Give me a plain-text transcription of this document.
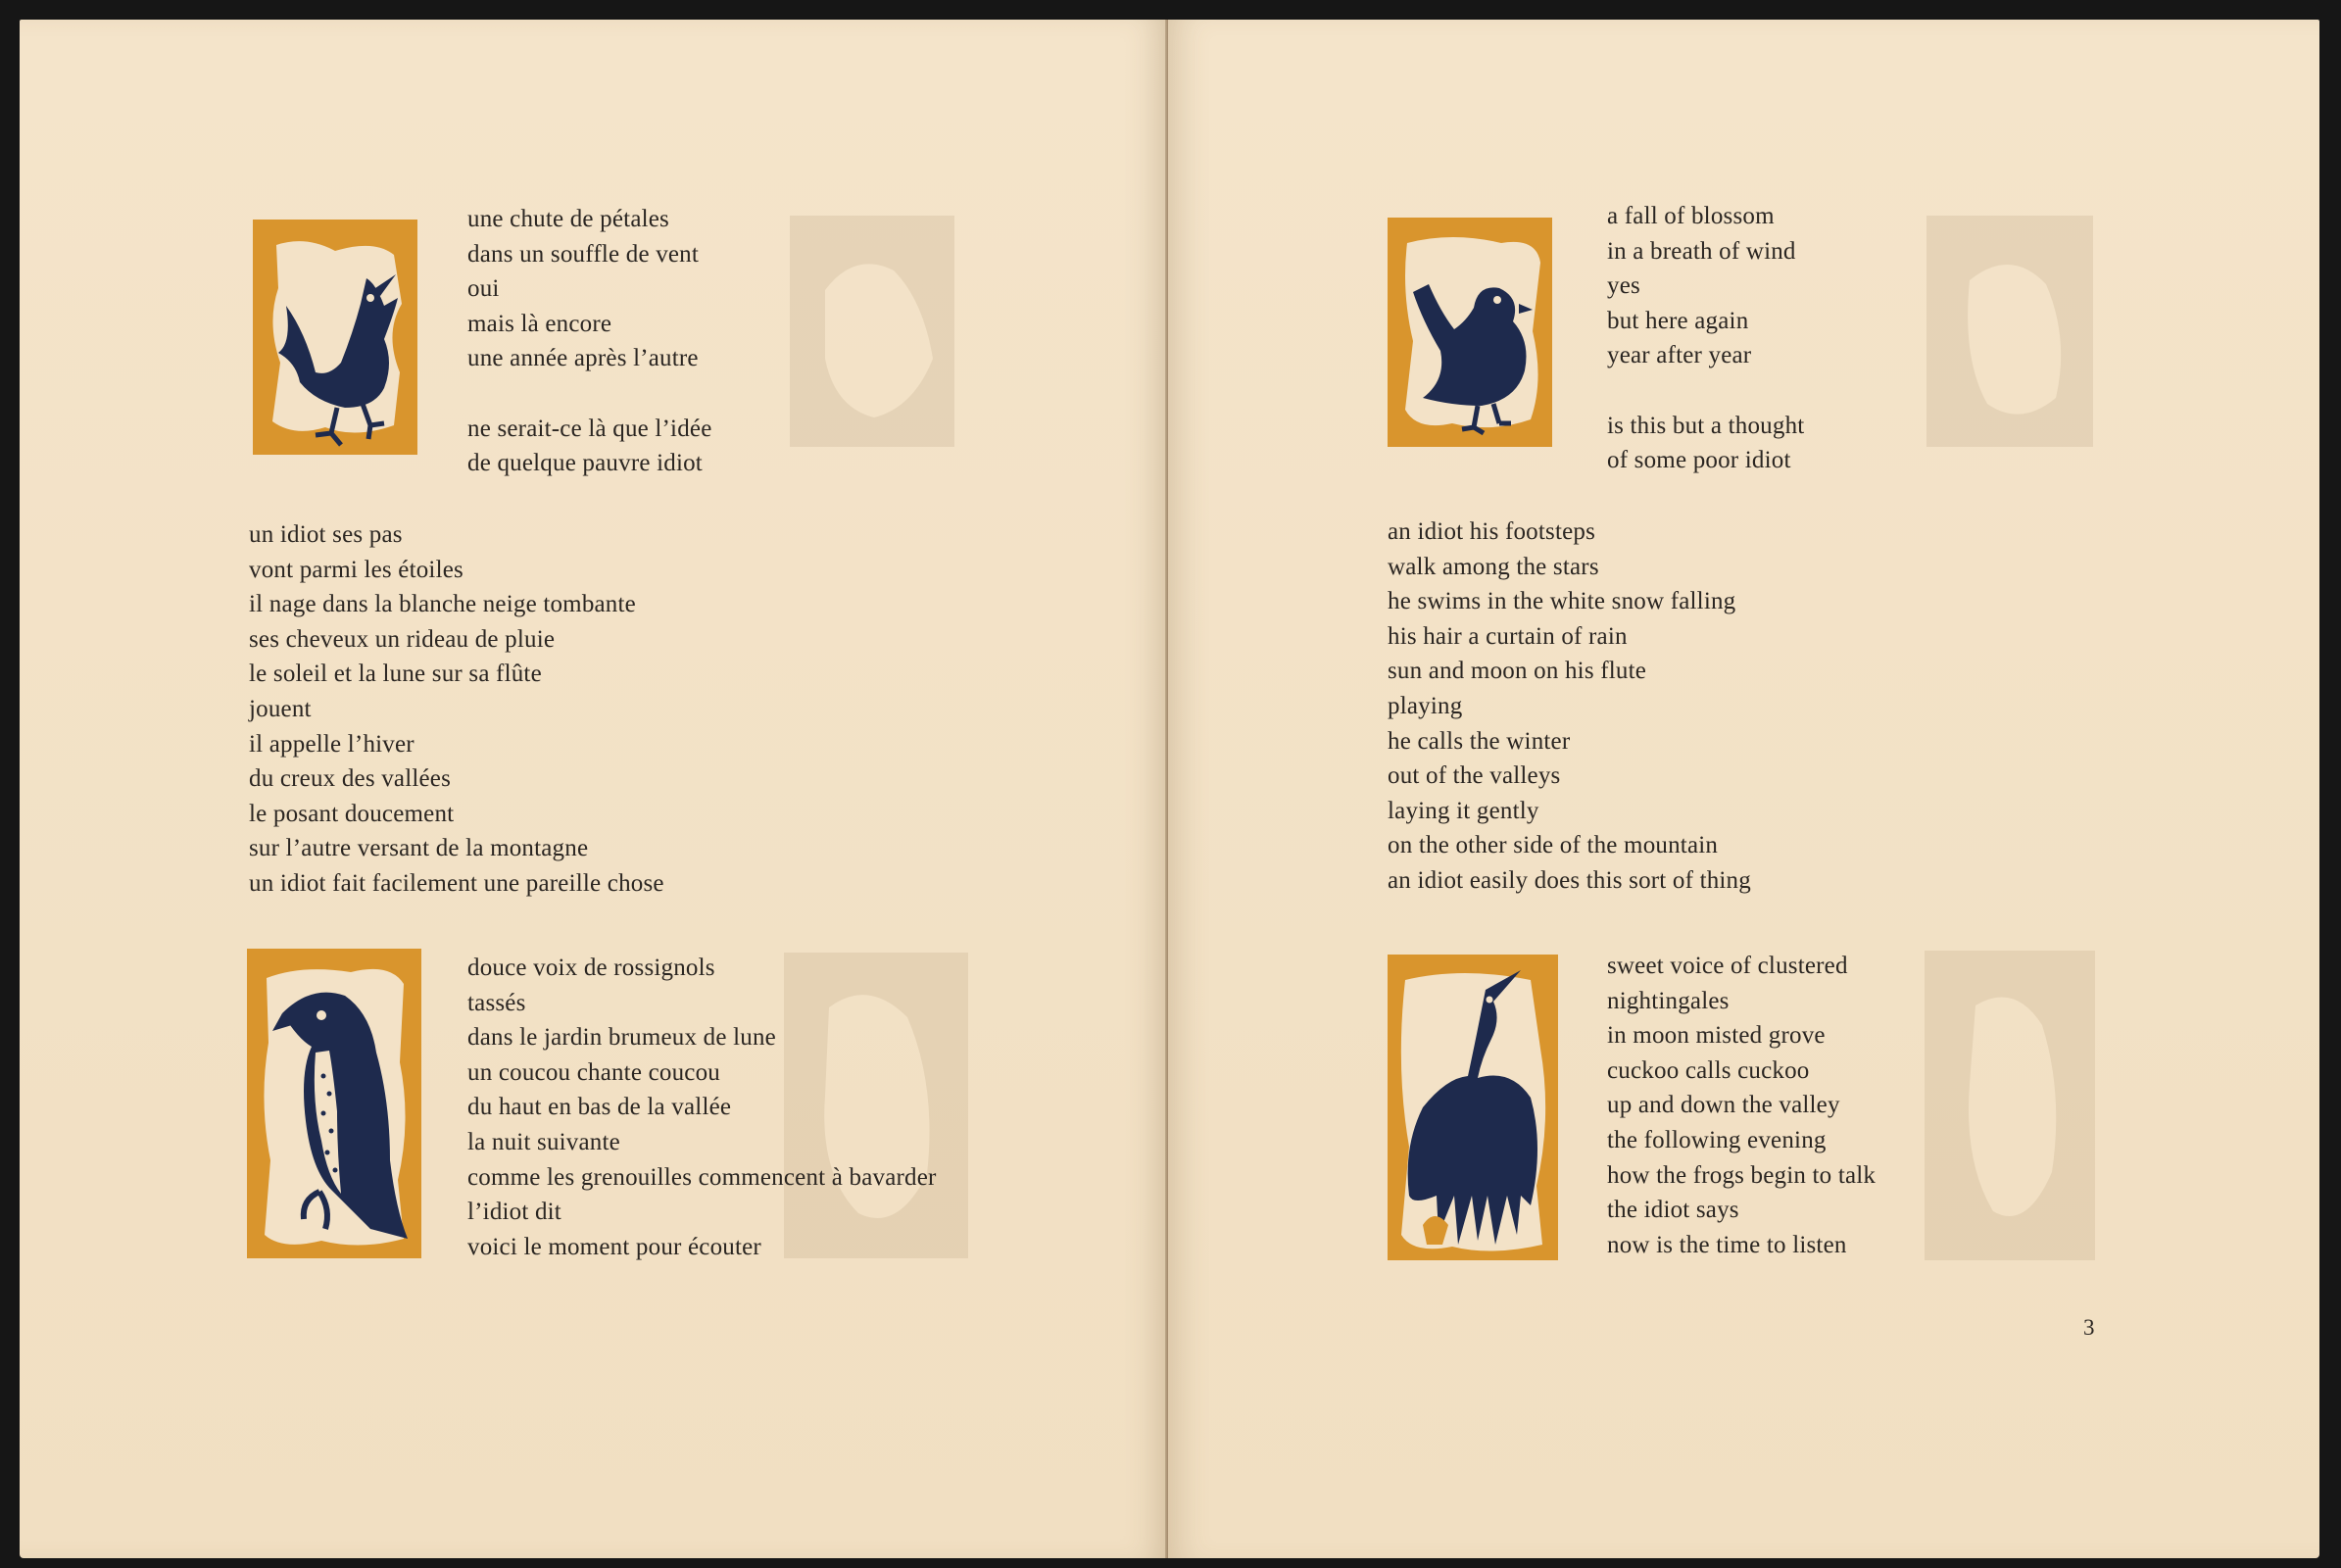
une chute de pétales
dans un souffle de vent
oui
mais là encore
une année après l’autre
ne serait-ce là que l’idée
de quelque pauvre idiot
un idiot ses pas
vont parmi les étoiles
il nage dans la blanche neige tombante
ses cheveux un rideau de pluie
le soleil et la lune sur sa flûte
jouent
il appelle l’hiver
du creux des vallées
le posant doucement
sur l’autre versant de la montagne
un idiot fait facilement une pareille chose
douce voix de rossignols
tassés
dans le jardin brumeux de lune
un coucou chante coucou
du haut en bas de la vallée
la nuit suivante
comme les grenouilles commencent à bavarder
l’idiot dit
voici le moment pour écouter
a fall of blossom
in a breath of wind
yes
but here again
year after year
is this but a thought
of some poor idiot
an idiot his footsteps
walk among the stars
he swims in the white snow falling
his hair a curtain of rain
sun and moon on his flute
playing
he calls the winter
out of the valleys
laying it gently
on the other side of the mountain
an idiot easily does this sort of thing
sweet voice of clustered
nightingales
in moon misted grove
cuckoo calls cuckoo
up and down the valley
the following evening
how the frogs begin to talk
the idiot says
now is the time to listen
3
